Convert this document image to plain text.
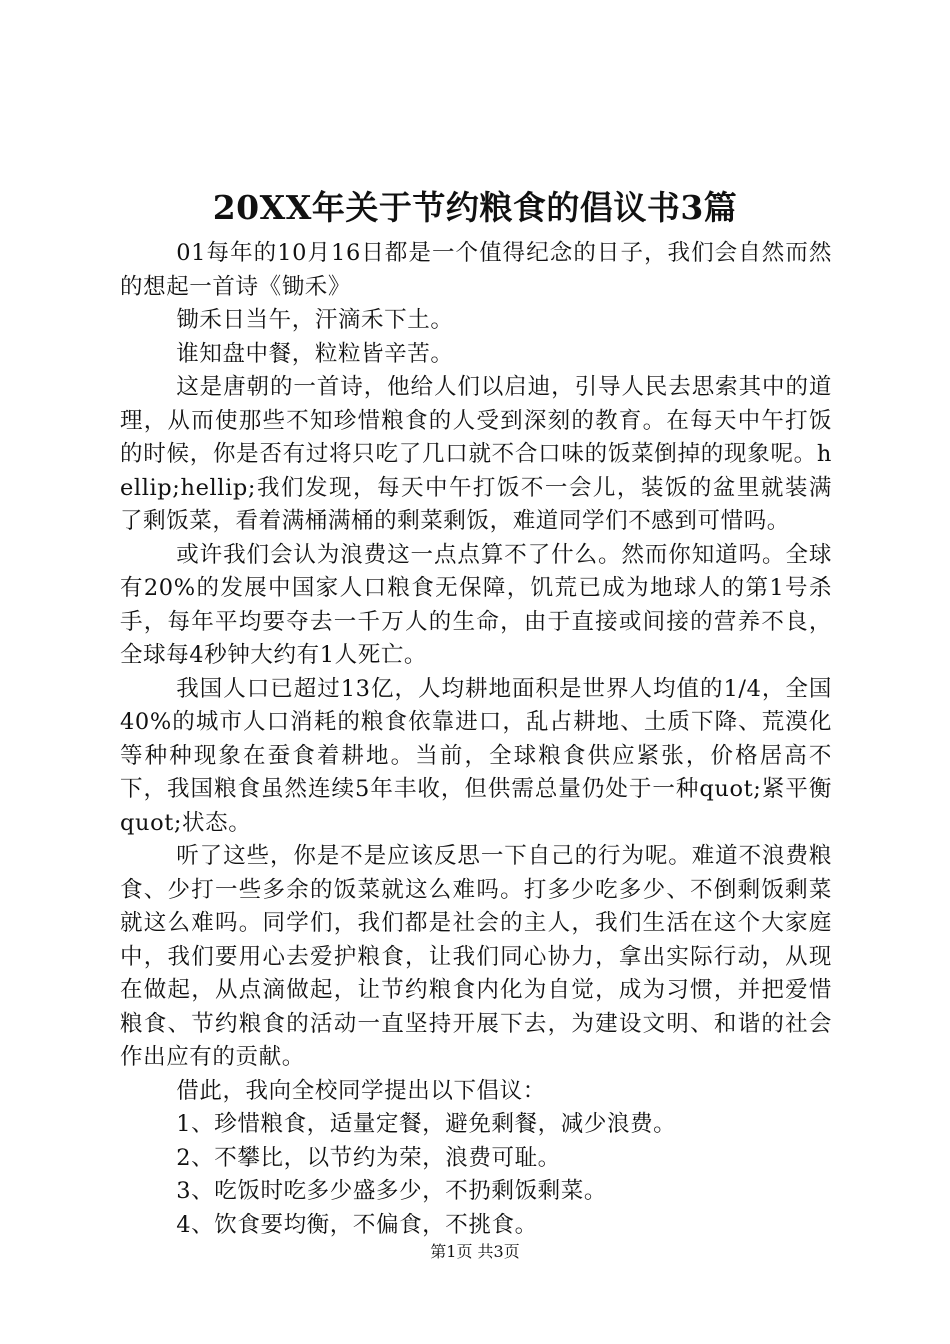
20XX年关于节约粮食的倡议书3篇

01每年的10月16日都是一个值得纪念的日子，我们会自然而然的想起一首诗《锄禾》

锄禾日当午，汗滴禾下土。

谁知盘中餐，粒粒皆辛苦。

这是唐朝的一首诗，他给人们以启迪，引导人民去思索其中的道理，从而使那些不知珍惜粮食的人受到深刻的教育。在每天中午打饭的时候，你是否有过将只吃了几口就不合口味的饭菜倒掉的现象呢。hellip;hellip;我们发现，每天中午打饭不一会儿，装饭的盆里就装满了剩饭菜，看着满桶满桶的剩菜剩饭，难道同学们不感到可惜吗。

或许我们会认为浪费这一点点算不了什么。然而你知道吗。全球有20%的发展中国家人口粮食无保障，饥荒已成为地球人的第1号杀手，每年平均要夺去一千万人的生命，由于直接或间接的营养不良，全球每4秒钟大约有1人死亡。

我国人口已超过13亿，人均耕地面积是世界人均值的1/4，全国40%的城市人口消耗的粮食依靠进口，乱占耕地、土质下降、荒漠化等种种现象在蚕食着耕地。当前，全球粮食供应紧张，价格居高不下，我国粮食虽然连续5年丰收，但供需总量仍处于一种quot;紧平衡quot;状态。

听了这些，你是不是应该反思一下自己的行为呢。难道不浪费粮食、少打一些多余的饭菜就这么难吗。打多少吃多少、不倒剩饭剩菜就这么难吗。同学们，我们都是社会的主人，我们生活在这个大家庭中，我们要用心去爱护粮食，让我们同心协力，拿出实际行动，从现在做起，从点滴做起，让节约粮食内化为自觉，成为习惯，并把爱惜粮食、节约粮食的活动一直坚持开展下去，为建设文明、和谐的社会作出应有的贡献。

借此，我向全校同学提出以下倡议：

1、珍惜粮食，适量定餐，避免剩餐，减少浪费。

2、不攀比，以节约为荣，浪费可耻。

3、吃饭时吃多少盛多少，不扔剩饭剩菜。

4、饮食要均衡，不偏食，不挑食。

第1页 共3页
